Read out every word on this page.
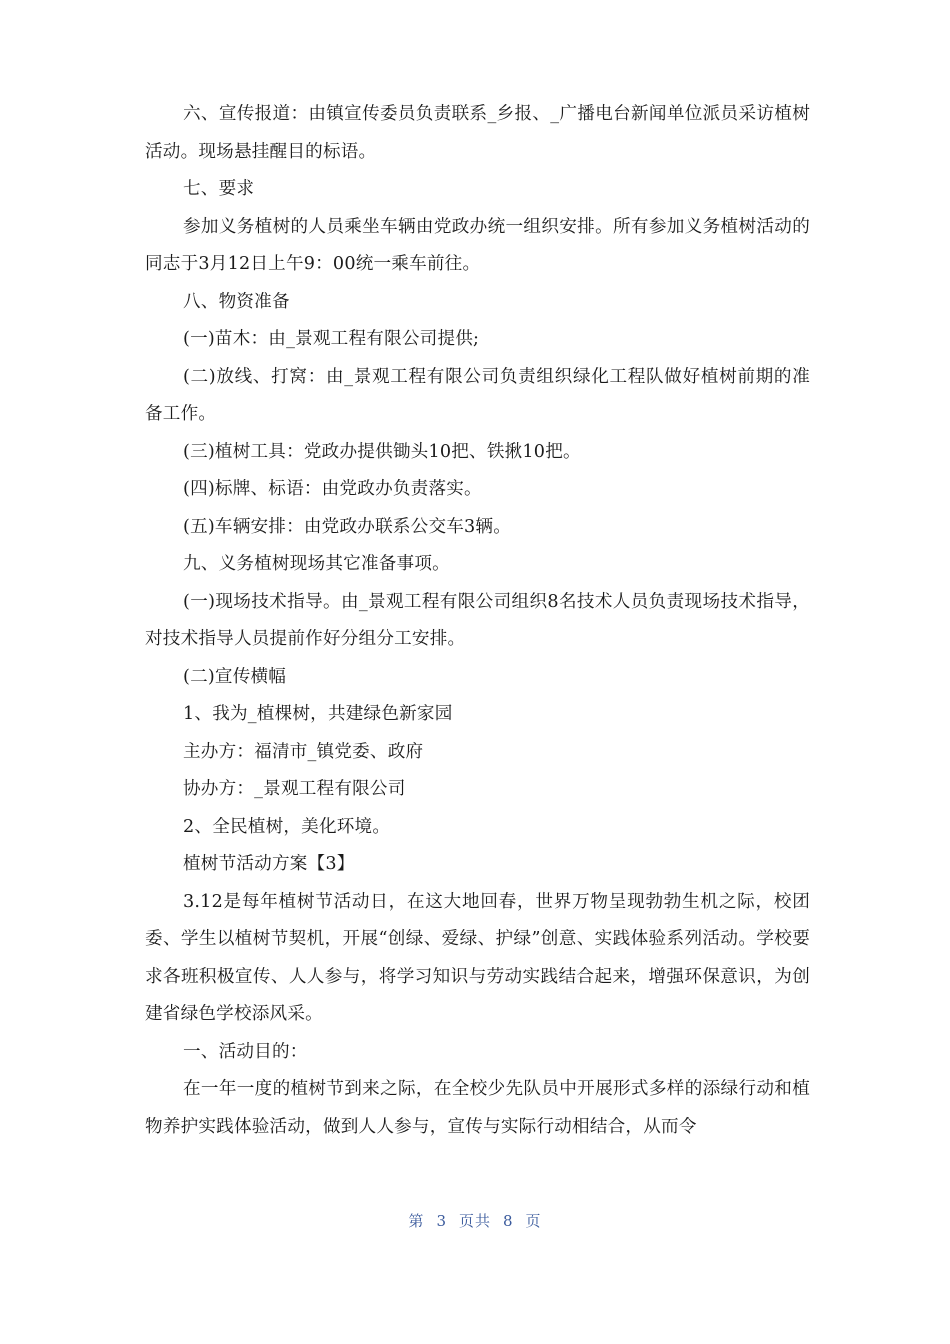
六、宣传报道：由镇宣传委员负责联系_乡报、_广播电台新闻单位派员采访植树活动。现场悬挂醒目的标语。

七、要求

参加义务植树的人员乘坐车辆由党政办统一组织安排。所有参加义务植树活动的同志于3月12日上午9：00统一乘车前往。

八、物资准备

(一)苗木：由_景观工程有限公司提供;

(二)放线、打窝：由_景观工程有限公司负责组织绿化工程队做好植树前期的准备工作。

(三)植树工具：党政办提供锄头10把、铁揪10把。

(四)标牌、标语：由党政办负责落实。

(五)车辆安排：由党政办联系公交车3辆。

九、义务植树现场其它准备事项。

(一)现场技术指导。由_景观工程有限公司组织8名技术人员负责现场技术指导，对技术指导人员提前作好分组分工安排。

(二)宣传横幅

1、我为_植棵树，共建绿色新家园

主办方：福清市_镇党委、政府

协办方：_景观工程有限公司

2、全民植树，美化环境。

植树节活动方案【3】

3.12是每年植树节活动日，在这大地回春，世界万物呈现勃勃生机之际，校团委、学生以植树节契机，开展“创绿、爱绿、护绿”创意、实践体验系列活动。学校要求各班积极宣传、人人参与，将学习知识与劳动实践结合起来，增强环保意识，为创建省绿色学校添风采。

一、活动目的：

在一年一度的植树节到来之际，在全校少先队员中开展形式多样的添绿行动和植物养护实践体验活动，做到人人参与，宣传与实际行动相结合，从而令

第 3 页共 8 页
